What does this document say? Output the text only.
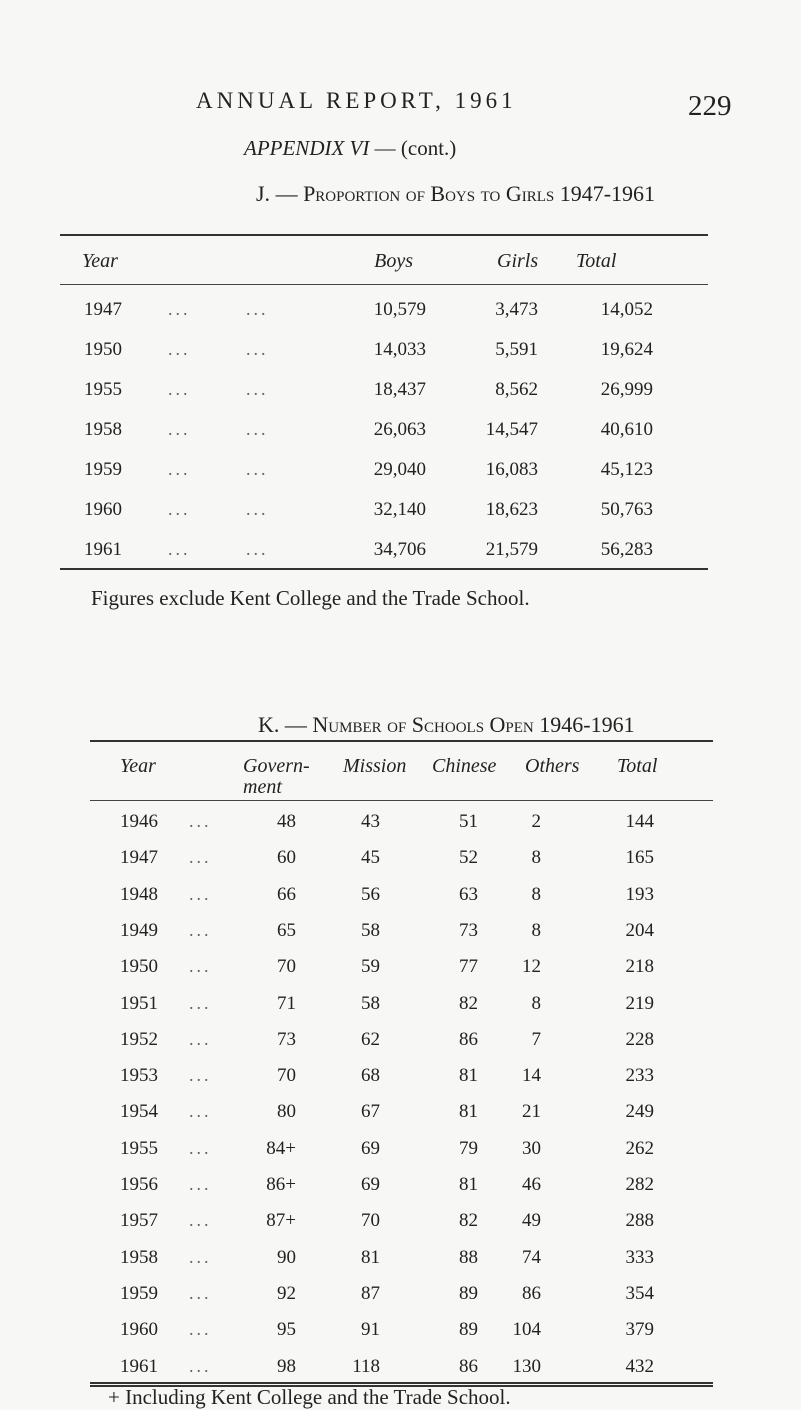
ANNUAL REPORT, 1961	229
APPENDIX VI — (cont.)
J. — Proportion of Boys to Girls 1947-1961
Year	Boys	Girls Total
1947	...	...	10,579	3,473	14,052
1950	...	...	14,033	5,591	19,624
1955	...	...	18,437	8,562	26,999
1958	...	...	26,063	14,547	40,610
1959	...	...	29,040	16,083	45,123
1960	...	...	32,140	18,623	50,763
1961	...	...	34,706	21,579	56,283
Figures exclude Kent College and the Trade School.
K. — Number of Schools Open 1946-1961
Year	Govern-
ment
Mission Chinese Others Total
1946 ...	48	43	51	2	144
1947 ...	60	45	52	8	165
1948 ...	66	56	63	8	193
1949 ...	65	58	73	8	204
1950 ...	70	59	77	12	218
1951 ...	71	58	82	8	219
1952 ...	73	62	86	7	228
1953 ...	70	68	81	14	233
1954 ...	80	67	81	21	249
1955 ...	84+	69	79	30	262
1956 ...	86+	69	81	46	282
1957 ...	87+	70	82	49	288
1958 ...	90	81	88	74	333
1959 ...	92	87	89	86	354
1960 ...	95	91	89	104	379
1961 ...	98	118	86	130	432
+ Including Kent College and the Trade School.
